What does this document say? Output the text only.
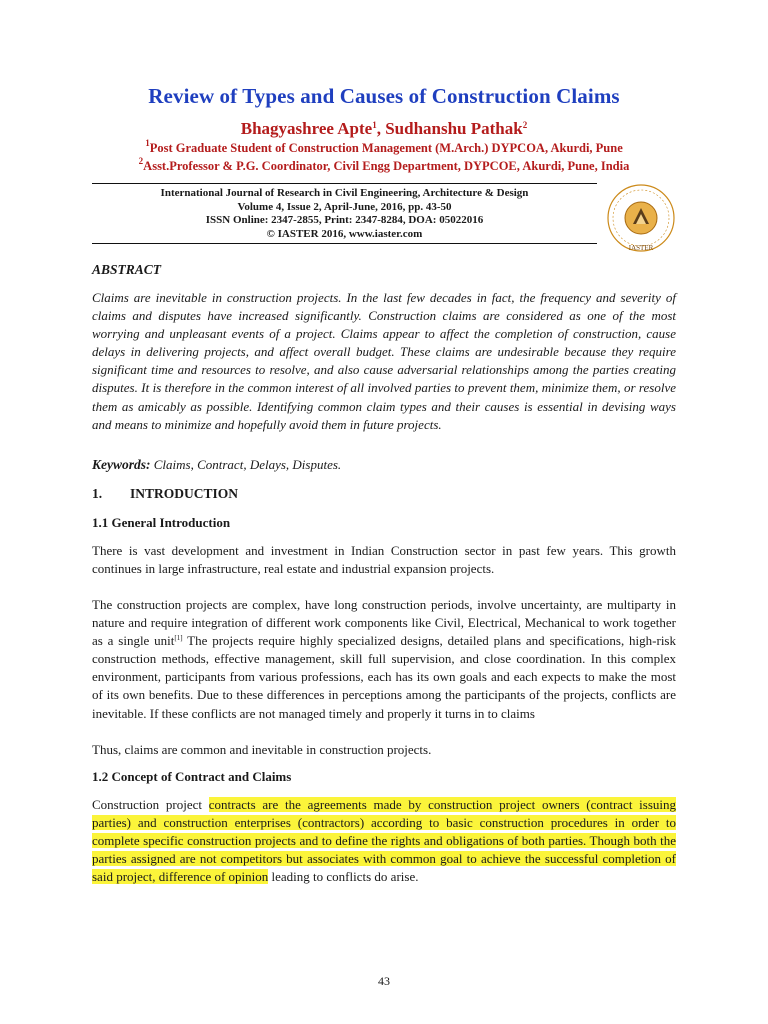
Review of Types and Causes of Construction Claims
Bhagyashree Apte$^1$, Sudhanshu Pathak$^2$
$^1$Post Graduate Student of Construction Management (M.Arch.) DYPCOA, Akurdi, Pune
$^2$Asst.Professor & P.G. Coordinator, Civil Engg Department, DYPCOE, Akurdi, Pune, India
International Journal of Research in Civil Engineering, Architecture & Design
Volume 4, Issue 2, April-June, 2016, pp. 43-50
ISSN Online: 2347-2855, Print: 2347-8284, DOA: 05022016
© IASTER 2016, www.iaster.com
IASTER
ABSTRACT
Claims are inevitable in construction projects. In the last few decades in fact, the frequency and severity of claims and disputes have increased significantly. Construction claims are considered as one of the most worrying and unpleasant events of a project. Claims appear to affect the completion of construction, cause delays in delivering projects, and affect overall budget. These claims are undesirable because they require significant time and resources to resolve, and also cause adversarial relationships among the parties creating disputes. It is therefore in the common interest of all involved parties to prevent them, minimize them, or resolve them as amicably as possible. Identifying common claim types and their causes is essential in devising ways and means to minimize and hopefully avoid them in future projects.
Keywords: Claims, Contract, Delays, Disputes.
1. INTRODUCTION
1.1 General Introduction
There is vast development and investment in Indian Construction sector in past few years. This growth continues in large infrastructure, real estate and industrial expansion projects.
The construction projects are complex, have long construction periods, involve uncertainty, are multiparty in nature and require integration of different work components like Civil, Electrical, Mechanical to work together as a single unit[1] The projects require highly specialized designs, detailed plans and specifications, high-risk construction methods, effective management, skill full supervision, and close coordination. In this complex environment, participants from various professions, each has its own goals and each expects to make the most of its own benefits. Due to these differences in perceptions among the participants of the projects, conflicts are inevitable. If these conflicts are not managed timely and properly it turns in to claims
Thus, claims are common and inevitable in construction projects.
1.2 Concept of Contract and Claims
Construction project contracts are the agreements made by construction project owners (contract issuing parties) and construction enterprises (contractors) according to basic construction procedures in order to complete specific construction projects and to define the rights and obligations of both parties. Though both the parties assigned are not competitors but associates with common goal to achieve the successful completion of said project, difference of opinion leading to conflicts do arise.
43
